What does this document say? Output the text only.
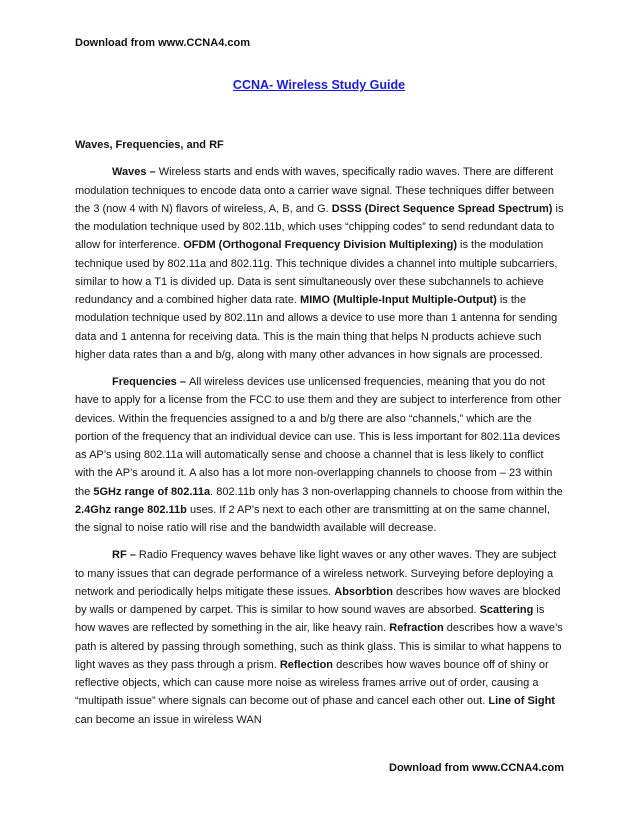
Download from www.CCNA4.com
CCNA- Wireless Study Guide
Waves, Frequencies, and RF

Waves – Wireless starts and ends with waves, specifically radio waves. There are different modulation techniques to encode data onto a carrier wave signal. These techniques differ between the 3 (now 4 with N) flavors of wireless, A, B, and G. DSSS (Direct Sequence Spread Spectrum) is the modulation technique used by 802.11b, which uses “chipping codes” to send redundant data to allow for interference. OFDM (Orthogonal Frequency Division Multiplexing) is the modulation technique used by 802.11a and 802.11g. This technique divides a channel into multiple subcarriers, similar to how a T1 is divided up. Data is sent simultaneously over these subchannels to achieve redundancy and a combined higher data rate. MIMO (Multiple-Input Multiple-Output) is the modulation technique used by 802.11n and allows a device to use more than 1 antenna for sending data and 1 antenna for receiving data. This is the main thing that helps N products achieve such higher data rates than a and b/g, along with many other advances in how signals are processed.

Frequencies – All wireless devices use unlicensed frequencies, meaning that you do not have to apply for a license from the FCC to use them and they are subject to interference from other devices. Within the frequencies assigned to a and b/g there are also “channels,” which are the portion of the frequency that an individual device can use. This is less important for 802.11a devices as AP’s using 802.11a will automatically sense and choose a channel that is less likely to conflict with the AP’s around it. A also has a lot more non-overlapping channels to choose from – 23 within the 5GHz range of 802.11a. 802.11b only has 3 non-overlapping channels to choose from within the 2.4Ghz range 802.11b uses. If 2 AP’s next to each other are transmitting at on the same channel, the signal to noise ratio will rise and the bandwidth available will decrease.

RF – Radio Frequency waves behave like light waves or any other waves. They are subject to many issues that can degrade performance of a wireless network. Surveying before deploying a network and periodically helps mitigate these issues. Absorbtion describes how waves are blocked by walls or dampened by carpet. This is similar to how sound waves are absorbed. Scattering is how waves are reflected by something in the air, like heavy rain. Refraction describes how a wave’s path is altered by passing through something, such as think glass. This is similar to what happens to light waves as they pass through a prism. Reflection describes how waves bounce off of shiny or reflective objects, which can cause more noise as wireless frames arrive out of order, causing a “multipath issue” where signals can become out of phase and cancel each other out. Line of Sight can become an issue in wireless WAN

Download from www.CCNA4.com
